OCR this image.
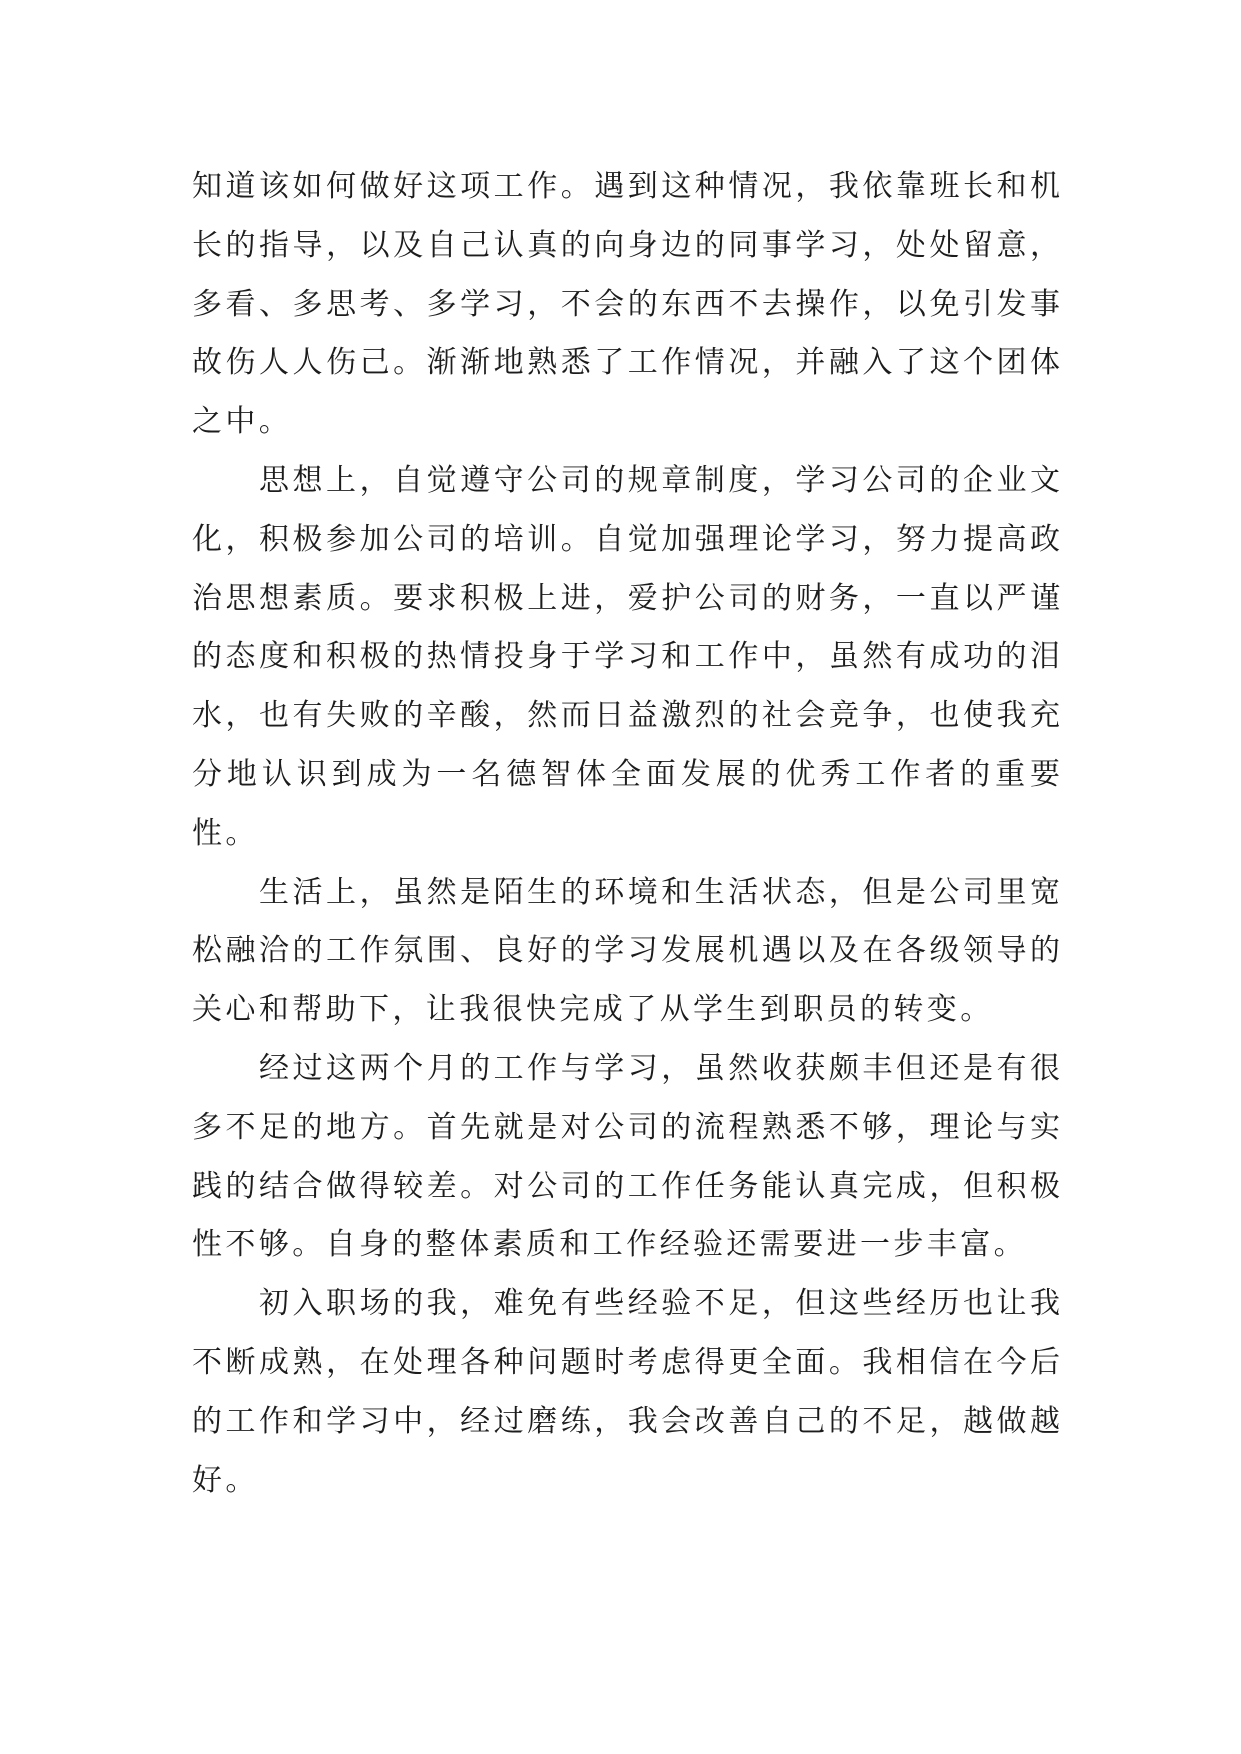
知道该如何做好这项工作。遇到这种情况，我依靠班长和机
长的指导，以及自己认真的向身边的同事学习，处处留意，
多看、多思考、多学习，不会的东西不去操作，以免引发事
故伤人人伤己。渐渐地熟悉了工作情况，并融入了这个团体
之中。
思想上，自觉遵守公司的规章制度，学习公司的企业文
化，积极参加公司的培训。自觉加强理论学习，努力提高政
治思想素质。要求积极上进，爱护公司的财务，一直以严谨
的态度和积极的热情投身于学习和工作中，虽然有成功的泪
水，也有失败的辛酸，然而日益激烈的社会竞争，也使我充
分地认识到成为一名德智体全面发展的优秀工作者的重要
性。
生活上，虽然是陌生的环境和生活状态，但是公司里宽
松融洽的工作氛围、良好的学习发展机遇以及在各级领导的
关心和帮助下，让我很快完成了从学生到职员的转变。
经过这两个月的工作与学习，虽然收获颇丰但还是有很
多不足的地方。首先就是对公司的流程熟悉不够，理论与实
践的结合做得较差。对公司的工作任务能认真完成，但积极
性不够。自身的整体素质和工作经验还需要进一步丰富。
初入职场的我，难免有些经验不足，但这些经历也让我
不断成熟，在处理各种问题时考虑得更全面。我相信在今后
的工作和学习中，经过磨练，我会改善自己的不足，越做越
好。
